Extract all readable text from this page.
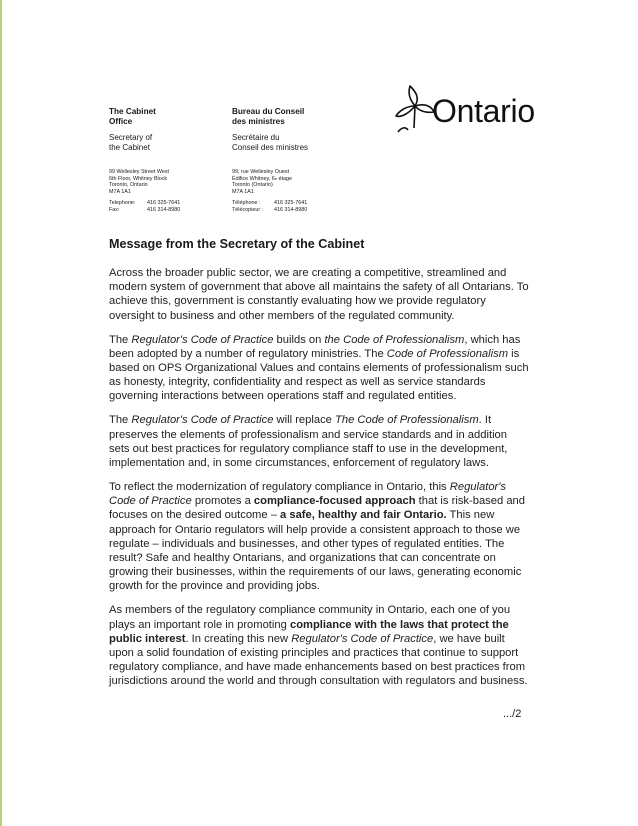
The Cabinet
Office
Secretary of
the Cabinet
99 Wellesley Street West
6th Floor, Whitney Block
Toronto, Ontario
M7A 1A1
Telephone:	416 325-7641
Fax:	416 314-8980
Bureau du Conseil
des ministres
Secrétaire du
Conseil des ministres
99, rue Wellesley Ouest
Édifice Whitney, 6e étage
Toronto (Ontario)
M7A 1A1
Téléphone :	416 325-7641
Télécopieur :	416 314-8980
Ontario
Message from the Secretary of the Cabinet

Across the broader public sector, we are creating a competitive, streamlined and modern system of government that above all maintains the safety of all Ontarians. To achieve this, government is constantly evaluating how we provide regulatory oversight to business and other members of the regulated community.

The Regulator's Code of Practice builds on the Code of Professionalism, which has been adopted by a number of regulatory ministries. The Code of Professionalism is based on OPS Organizational Values and contains elements of professionalism such as honesty, integrity, confidentiality and respect as well as service standards governing interactions between operations staff and regulated entities.

The Regulator's Code of Practice will replace The Code of Professionalism. It preserves the elements of professionalism and service standards and in addition sets out best practices for regulatory compliance staff to use in the development, implementation and, in some circumstances, enforcement of regulatory laws.

To reflect the modernization of regulatory compliance in Ontario, this Regulator's Code of Practice promotes a compliance-focused approach that is risk-based and focuses on the desired outcome – a safe, healthy and fair Ontario. This new approach for Ontario regulators will help provide a consistent approach to those we regulate – individuals and businesses, and other types of regulated entities. The result? Safe and healthy Ontarians, and organizations that can concentrate on growing their businesses, within the requirements of our laws, generating economic growth for the province and providing jobs.

As members of the regulatory compliance community in Ontario, each one of you plays an important role in promoting compliance with the laws that protect the public interest. In creating this new Regulator's Code of Practice, we have built upon a solid foundation of existing principles and practices that continue to support regulatory compliance, and have made enhancements based on best practices from jurisdictions around the world and through consultation with regulators and business.

.../2
